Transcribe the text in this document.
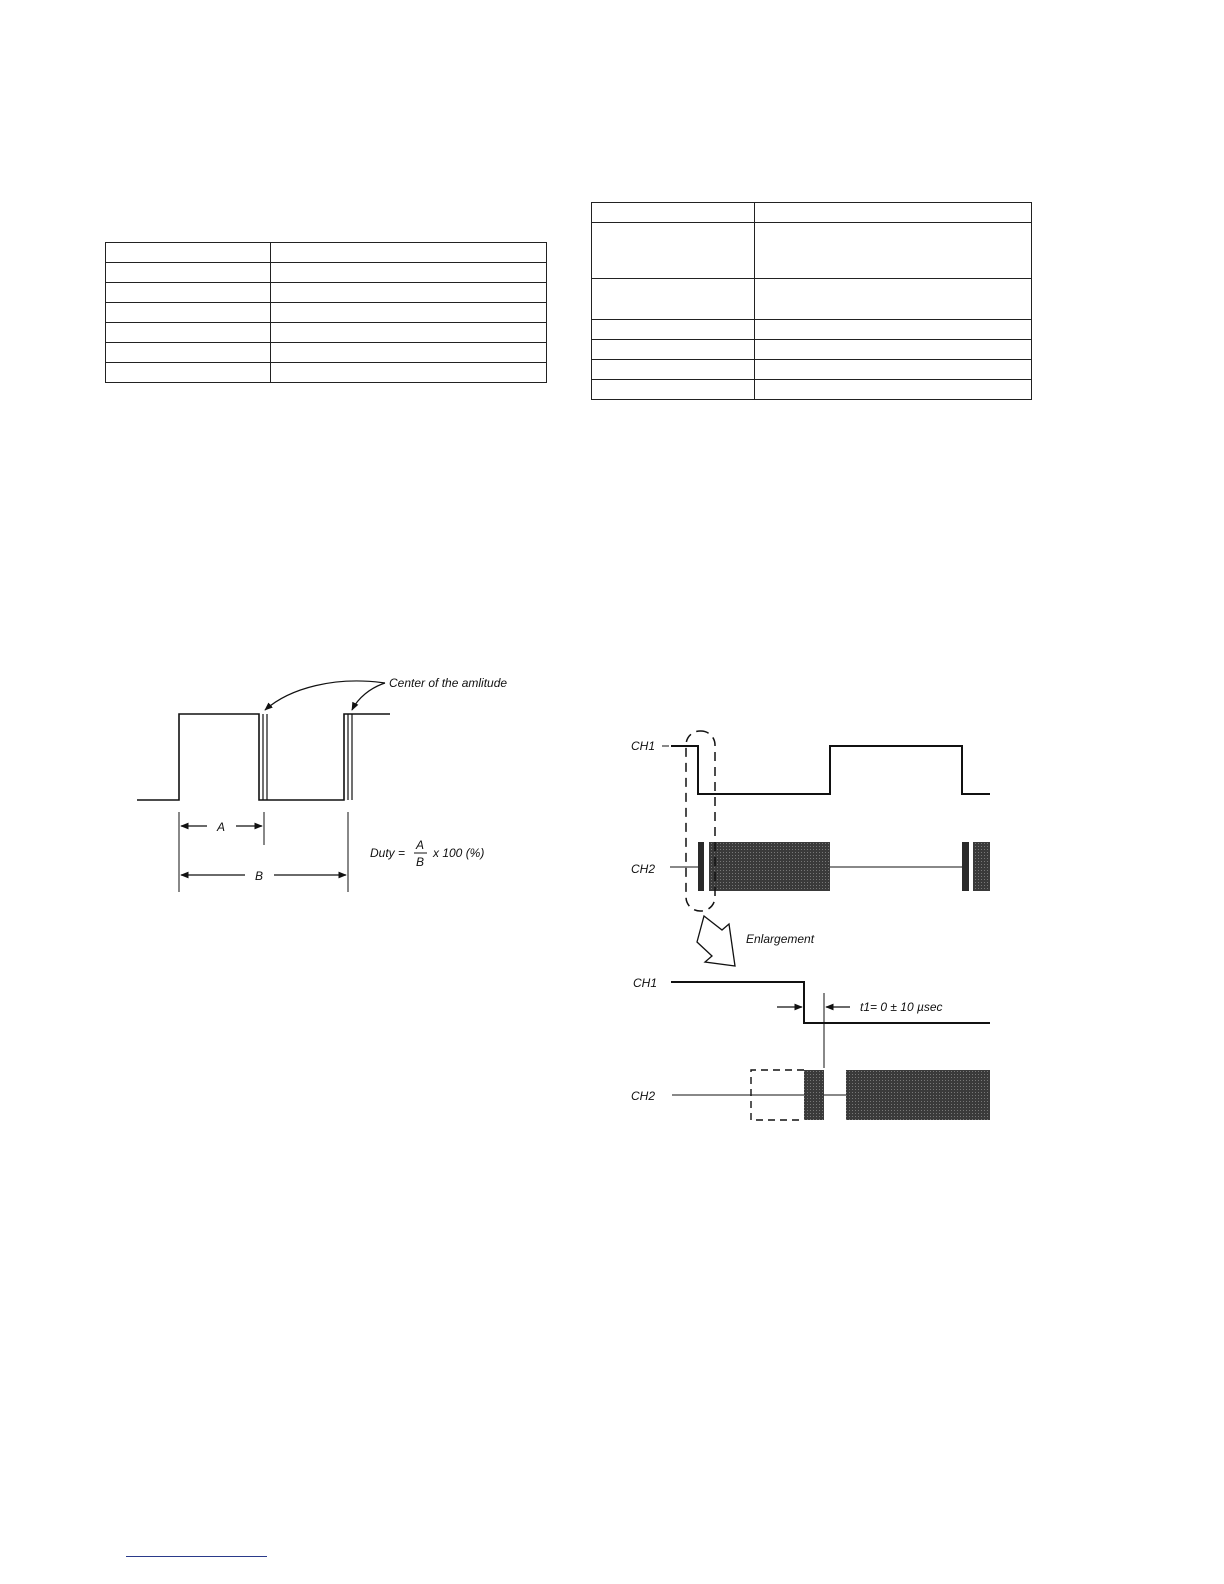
Center of the amlitude
A
B
Duty =
A
B
x 100 (%)
CH1
CH2
Enlargement
CH1
t1= 0 ± 10 µsec
CH2
